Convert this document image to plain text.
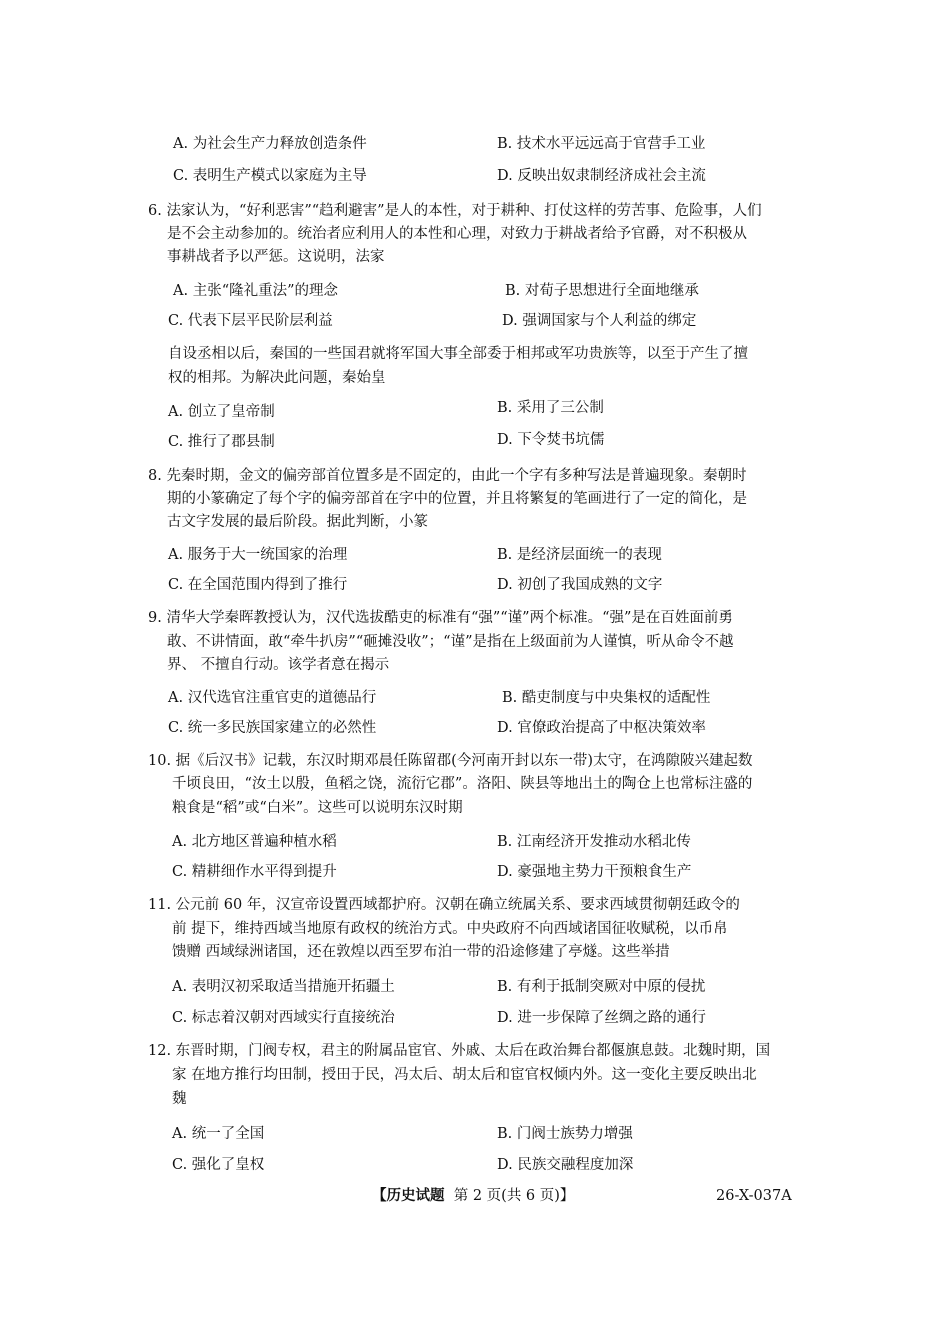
A. 为社会生产力释放创造条件	B. 技术水平远远高于官营手工业
C. 表明生产模式以家庭为主导	D. 反映出奴隶制经济成社会主流
6. 法家认为，“好利恶害”“趋利避害”是人的本性，对于耕种、打仗这样的劳苦事、危险事，人们
是不会主动参加的。统治者应利用人的本性和心理，对致力于耕战者给予官爵，对不积极从
事耕战者予以严惩。这说明，法家
A. 主张“隆礼重法”的理念	B. 对荀子思想进行全面地继承
C. 代表下层平民阶层利益	D. 强调国家与个人利益的绑定
自设丞相以后，秦国的一些国君就将军国大事全部委于相邦或军功贵族等，以至于产生了擅
权的相邦。为解决此问题，秦始皇
A. 创立了皇帝制	B. 采用了三公制
C. 推行了郡县制	D. 下令焚书坑儒
8. 先秦时期，金文的偏旁部首位置多是不固定的，由此一个字有多种写法是普遍现象。秦朝时
期的小篆确定了每个字的偏旁部首在字中的位置，并且将繁复的笔画进行了一定的简化，是
古文字发展的最后阶段。据此判断，小篆
A. 服务于大一统国家的治理	B. 是经济层面统一的表现
C. 在全国范围内得到了推行	D. 初创了我国成熟的文字
9. 清华大学秦晖教授认为，汉代选拔酷吏的标准有“强”“谨”两个标准。“强”是在百姓面前勇
敢、不讲情面，敢“牵牛扒房”“砸摊没收”；“谨”是指在上级面前为人谨慎，听从命令不越
界、 不擅自行动。该学者意在揭示
A. 汉代选官注重官吏的道德品行	B. 酷吏制度与中央集权的适配性
C. 统一多民族国家建立的必然性	D. 官僚政治提高了中枢决策效率
10. 据《后汉书》记载，东汉时期邓晨任陈留郡(今河南开封以东一带)太守，在鸿隙陂兴建起数
千顷良田，“汝土以殷，鱼稻之饶，流衍它郡”。洛阳、陕县等地出土的陶仓上也常标注盛的
粮食是“稻”或“白米”。这些可以说明东汉时期
A. 北方地区普遍种植水稻	B. 江南经济开发推动水稻北传
C. 精耕细作水平得到提升	D. 豪强地主势力干预粮食生产
11. 公元前 60 年，汉宣帝设置西域都护府。汉朝在确立统属关系、要求西域贯彻朝廷政令的
前 提下，维持西域当地原有政权的统治方式。中央政府不向西域诸国征收赋税，以币帛
馈赠 西域绿洲诸国，还在敦煌以西至罗布泊一带的沿途修建了亭燧。这些举措
A. 表明汉初采取适当措施开拓疆土	B. 有利于抵制突厥对中原的侵扰
C. 标志着汉朝对西域实行直接统治	D. 进一步保障了丝绸之路的通行
12. 东晋时期，门阀专权，君主的附属品宦官、外戚、太后在政治舞台都偃旗息鼓。北魏时期，国
家 在地方推行均田制，授田于民，冯太后、胡太后和宦官权倾内外。这一变化主要反映出北
魏
A. 统一了全国	B. 门阀士族势力增强
C. 强化了皇权	D. 民族交融程度加深
【历史试题 第 2 页(共 6 页)】	26-X-037A
